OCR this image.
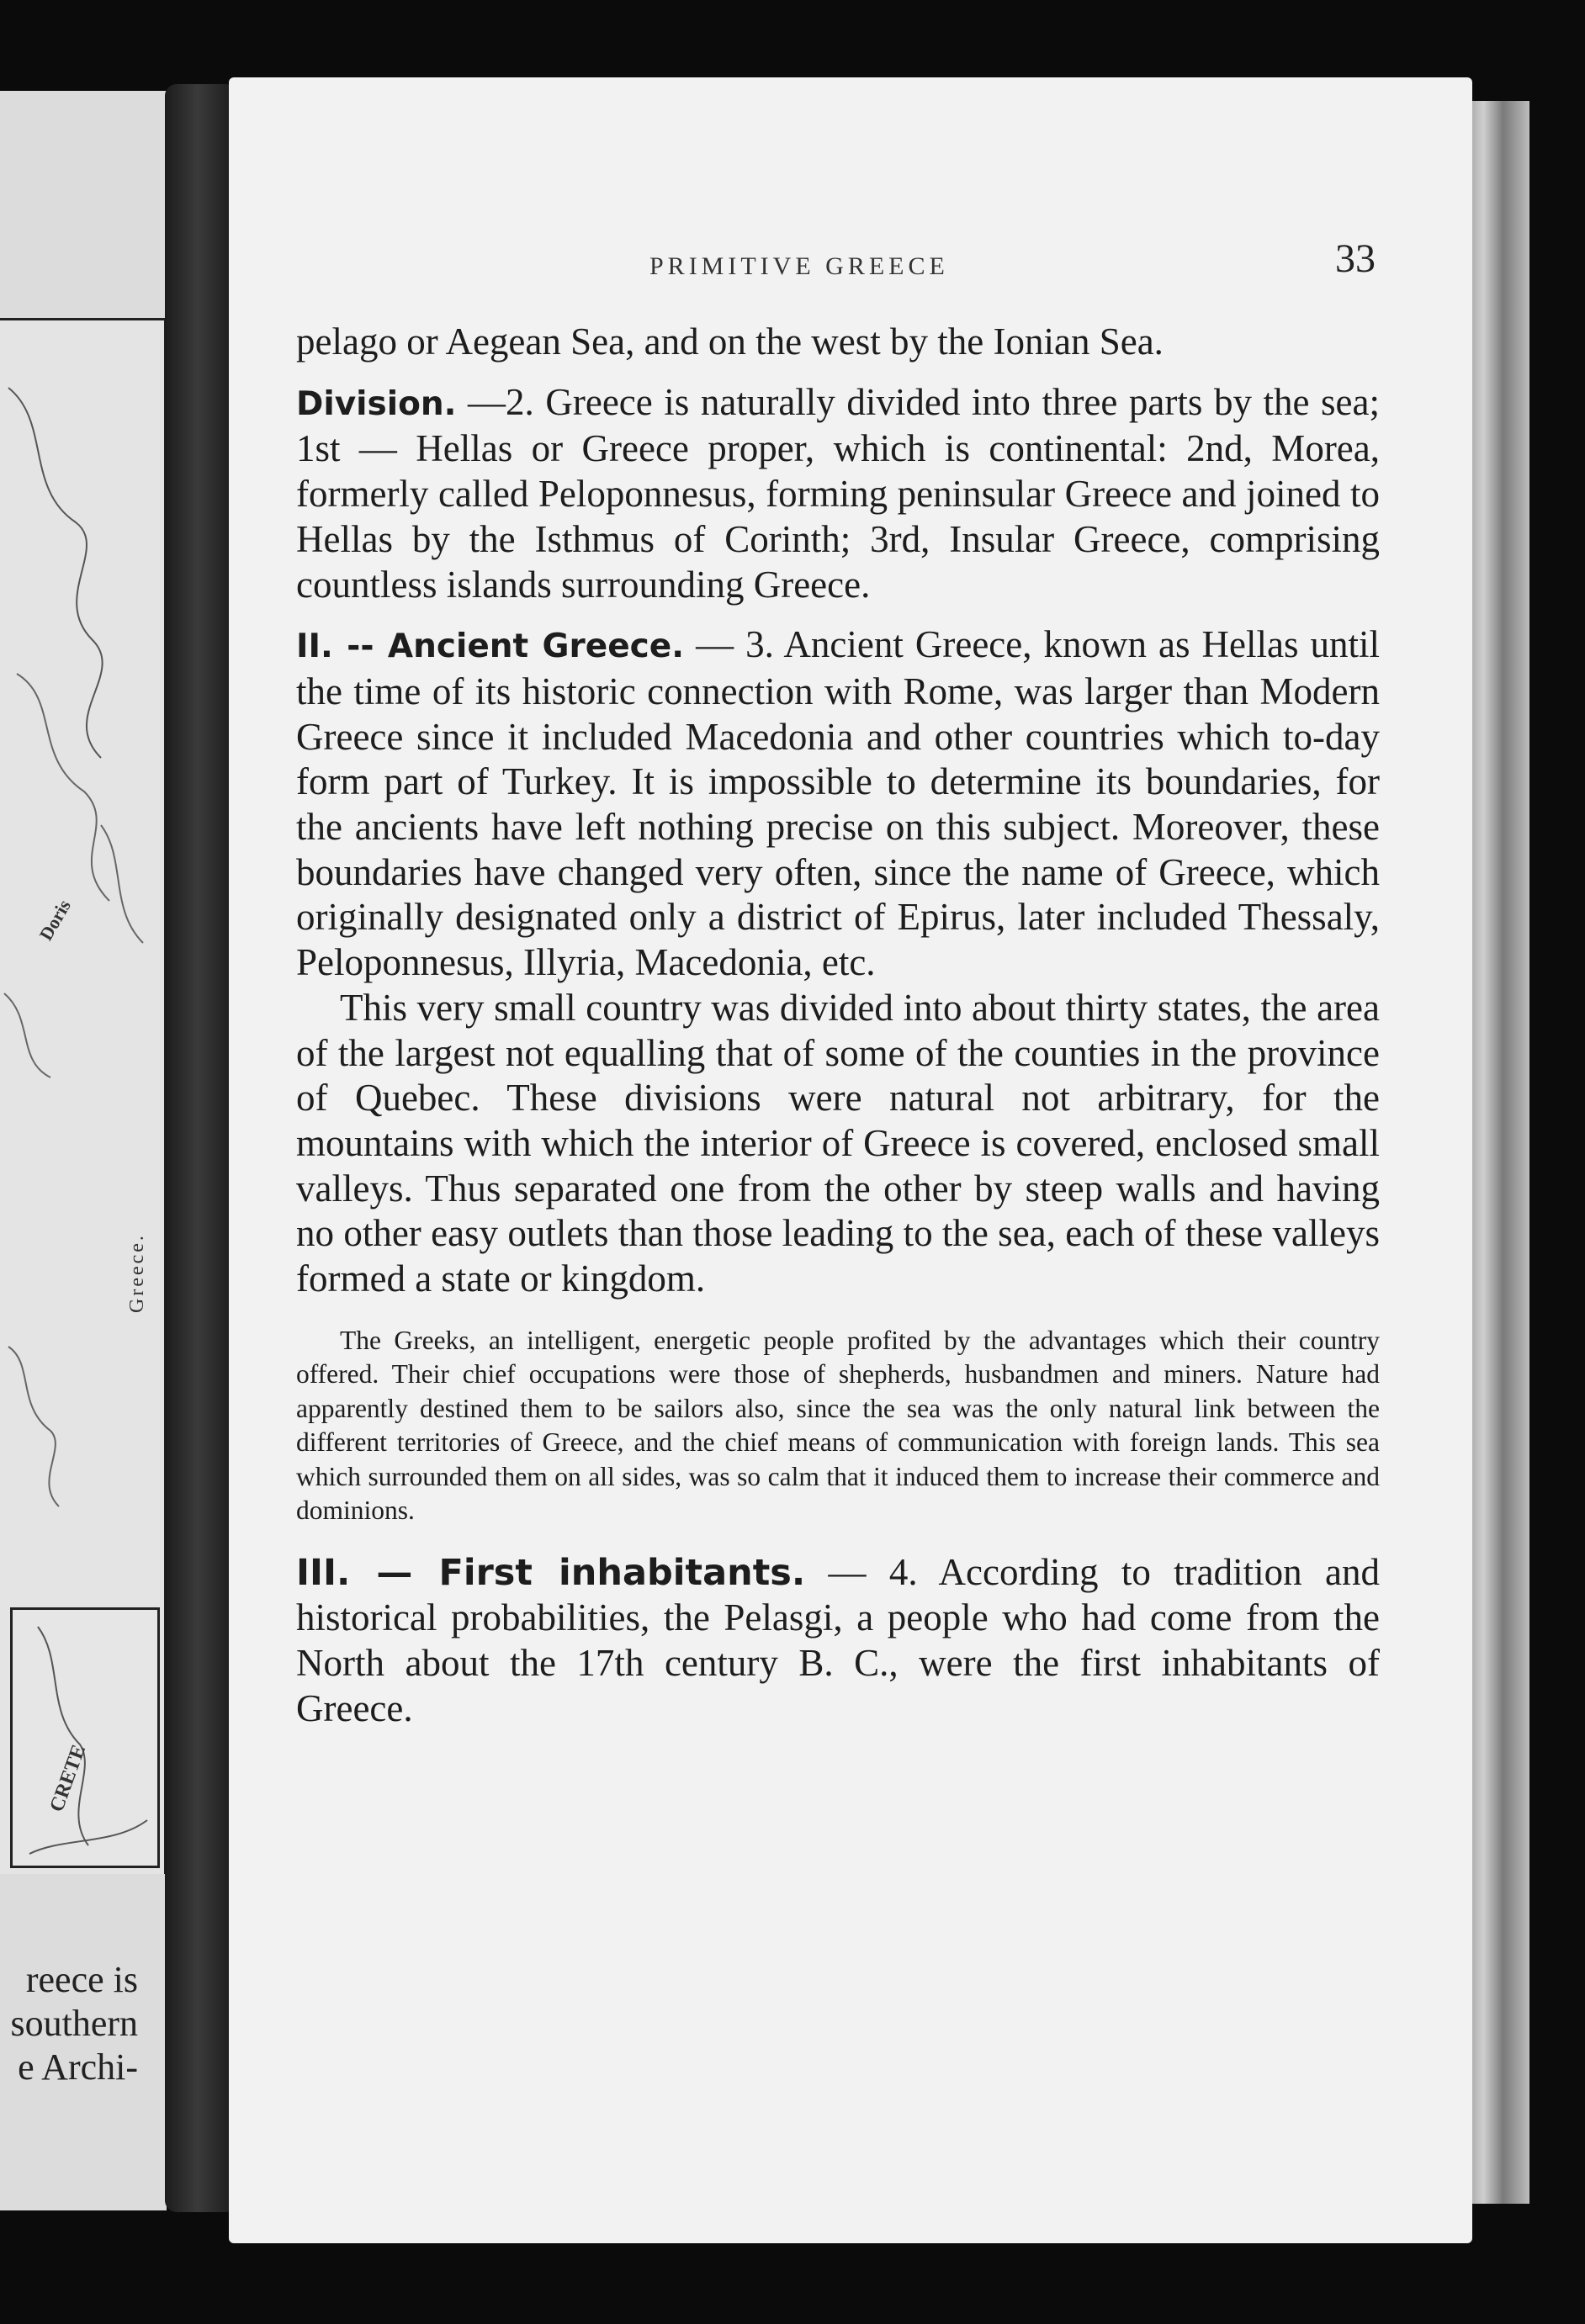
Doris
Greece.
CRETE
reece is
southern
e Archi-
PRIMITIVE GREECE	33

pelago or Aegean Sea, and on the west by the Ionian Sea.

Division. —2. Greece is naturally divided into three parts by the sea; 1st — Hellas or Greece proper, which is continental: 2nd, Morea, formerly called Peloponnesus, forming peninsular Greece and joined to Hellas by the Isthmus of Corinth; 3rd, Insular Greece, comprising countless islands surrounding Greece.

II. -- Ancient Greece. — 3. Ancient Greece, known as Hellas until the time of its historic connection with Rome, was larger than Modern Greece since it included Macedonia and other countries which to-day form part of Turkey. It is impossible to determine its boundaries, for the ancients have left nothing precise on this subject. Moreover, these boundaries have changed very often, since the name of Greece, which originally designated only a district of Epirus, later included Thessaly, Peloponnesus, Illyria, Macedonia, etc.

This very small country was divided into about thirty states, the area of the largest not equalling that of some of the counties in the province of Quebec. These divisions were natural not arbitrary, for the mountains with which the interior of Greece is covered, enclosed small valleys. Thus separated one from the other by steep walls and having no other easy outlets than those leading to the sea, each of these valleys formed a state or kingdom.

The Greeks, an intelligent, energetic people profited by the advantages which their country offered. Their chief occupations were those of shepherds, husbandmen and miners. Nature had apparently destined them to be sailors also, since the sea was the only natural link between the different territories of Greece, and the chief means of communication with foreign lands. This sea which surrounded them on all sides, was so calm that it induced them to increase their commerce and dominions.

III. — First inhabitants. — 4. According to tradition and historical probabilities, the Pelasgi, a people who had come from the North about the 17th century B. C., were the first inhabitants of Greece.
